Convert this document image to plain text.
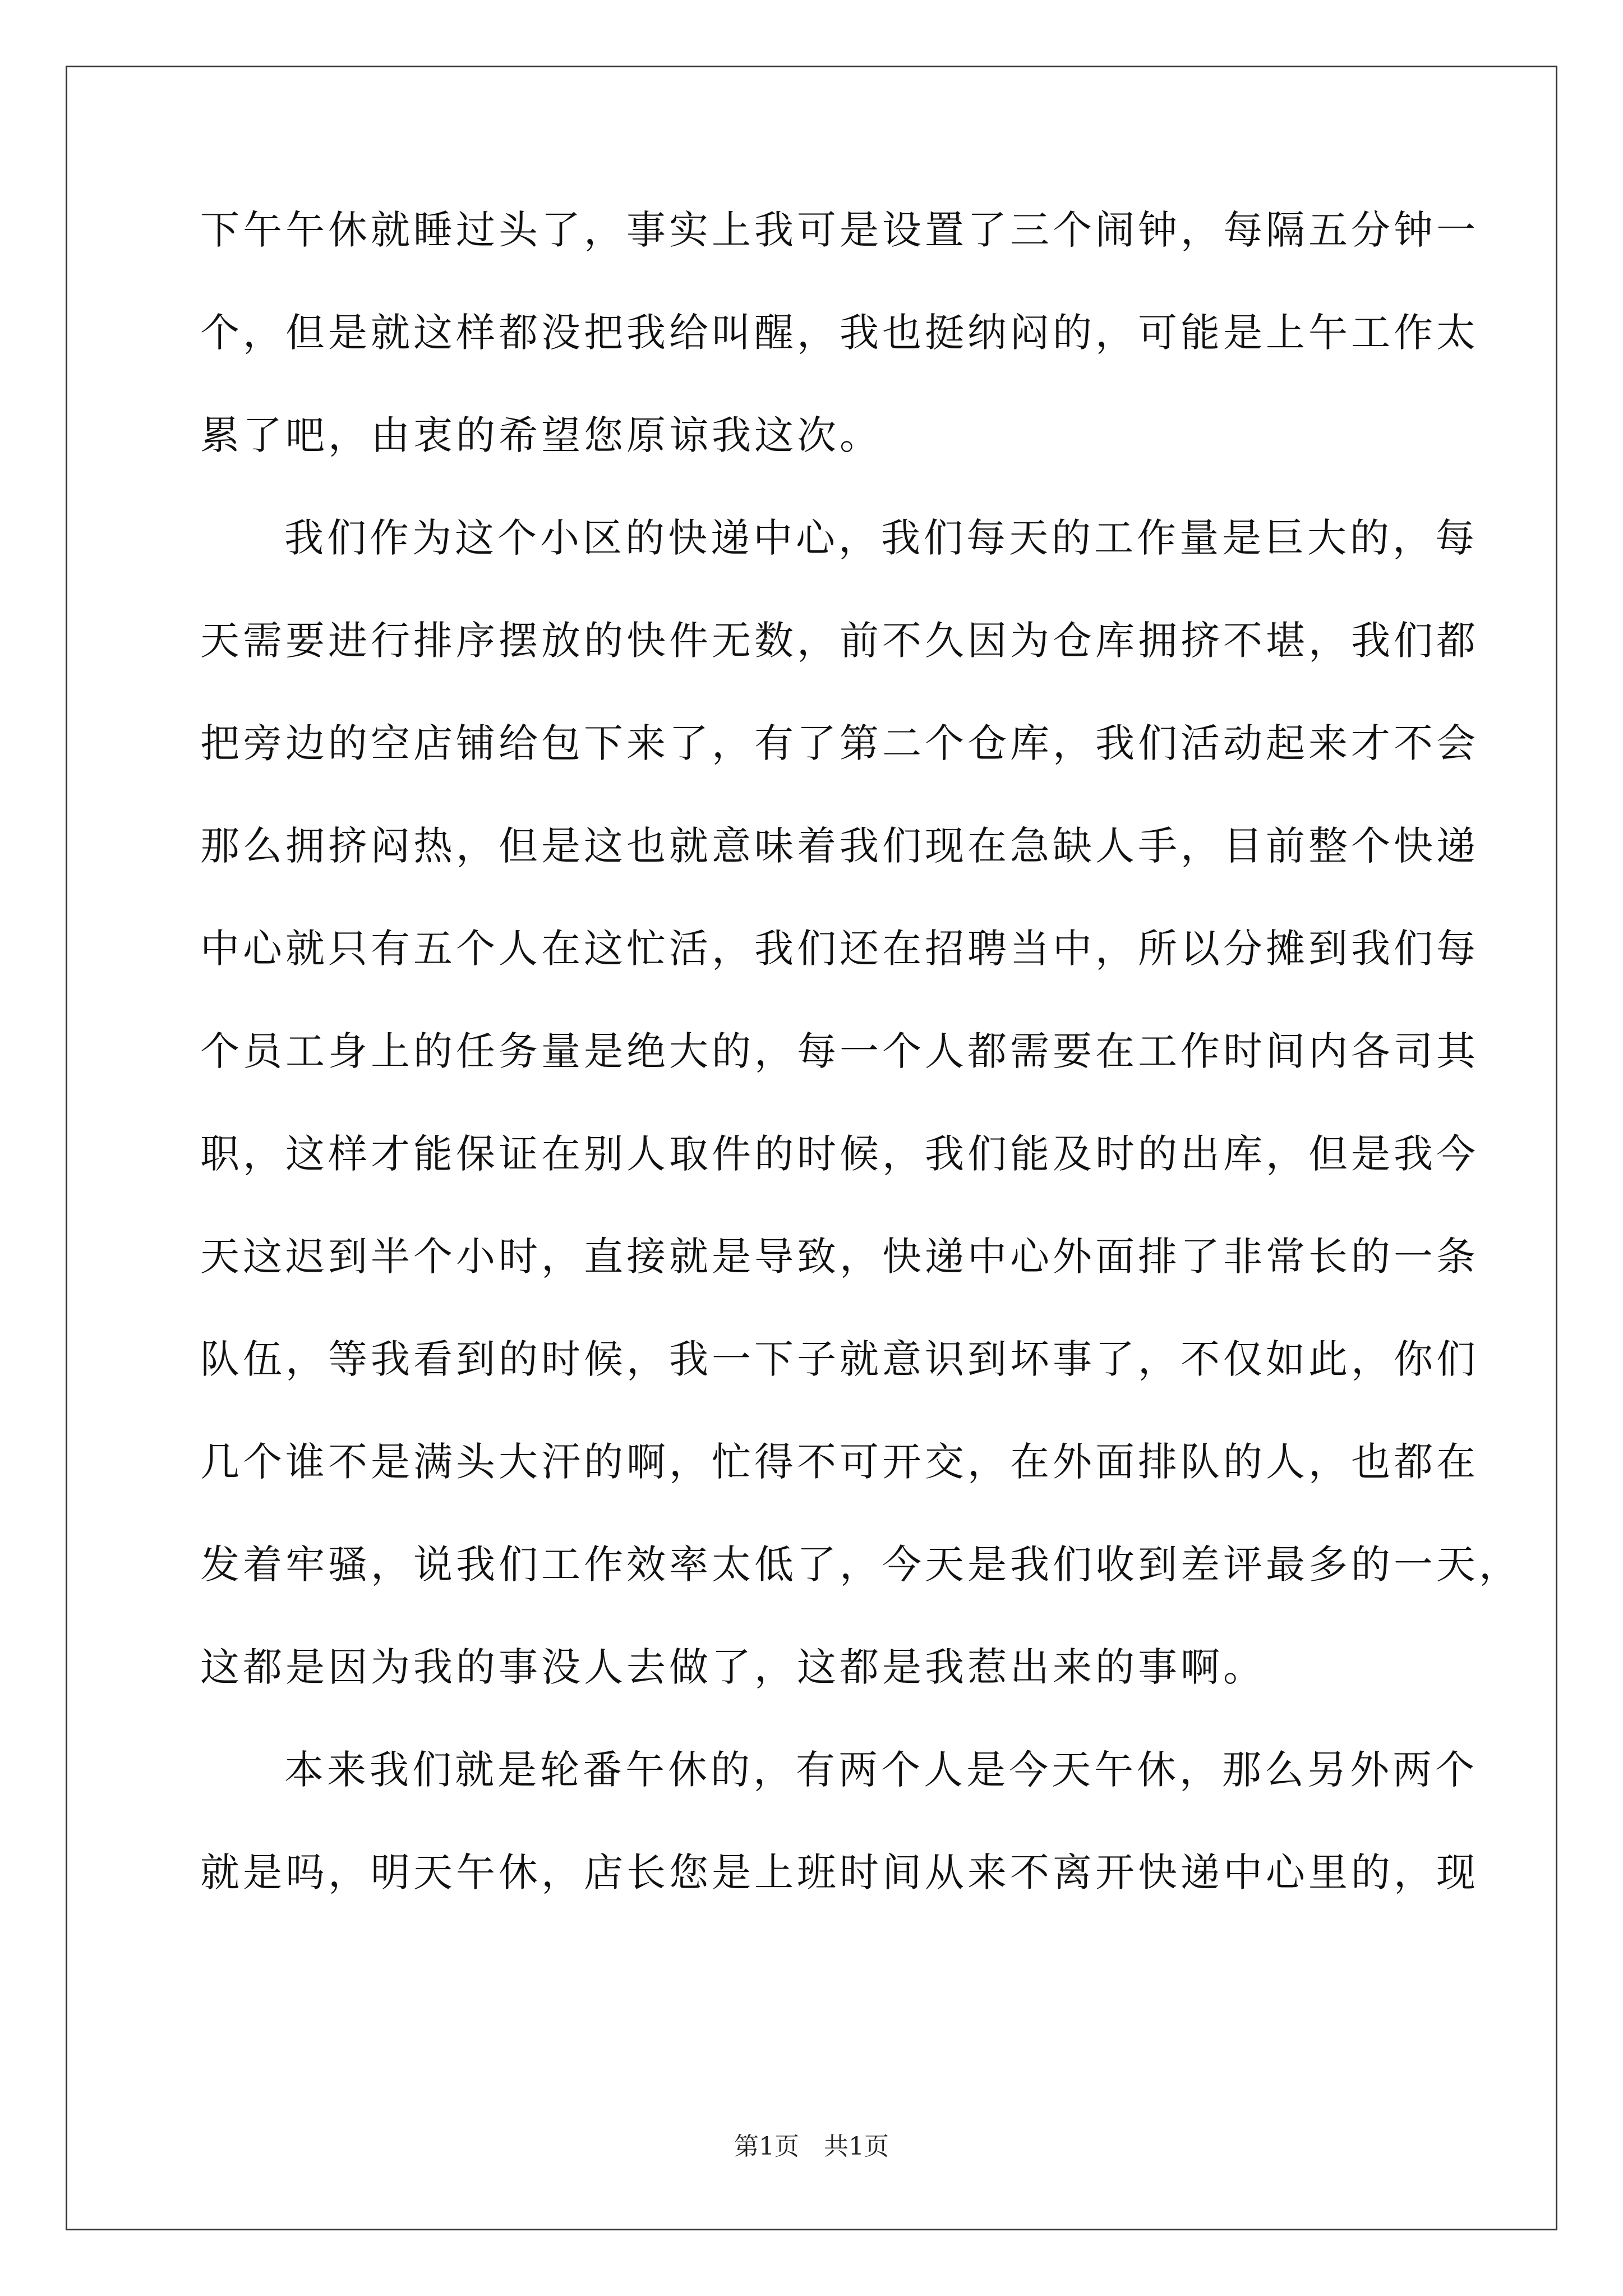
下午午休就睡过头了，事实上我可是设置了三个闹钟，每隔五分钟一
个，但是就这样都没把我给叫醒，我也挺纳闷的，可能是上午工作太
累了吧，由衷的希望您原谅我这次。
我们作为这个小区的快递中心，我们每天的工作量是巨大的，每
天需要进行排序摆放的快件无数，前不久因为仓库拥挤不堪，我们都
把旁边的空店铺给包下来了，有了第二个仓库，我们活动起来才不会
那么拥挤闷热，但是这也就意味着我们现在急缺人手，目前整个快递
中心就只有五个人在这忙活，我们还在招聘当中，所以分摊到我们每
个员工身上的任务量是绝大的，每一个人都需要在工作时间内各司其
职，这样才能保证在别人取件的时候，我们能及时的出库，但是我今
天这迟到半个小时，直接就是导致，快递中心外面排了非常长的一条
队伍，等我看到的时候，我一下子就意识到坏事了，不仅如此，你们
几个谁不是满头大汗的啊，忙得不可开交，在外面排队的人，也都在
发着牢骚，说我们工作效率太低了，今天是我们收到差评最多的一天，
这都是因为我的事没人去做了，这都是我惹出来的事啊。
本来我们就是轮番午休的，有两个人是今天午休，那么另外两个
就是吗，明天午休，店长您是上班时间从来不离开快递中心里的，现
第1页　共1页
